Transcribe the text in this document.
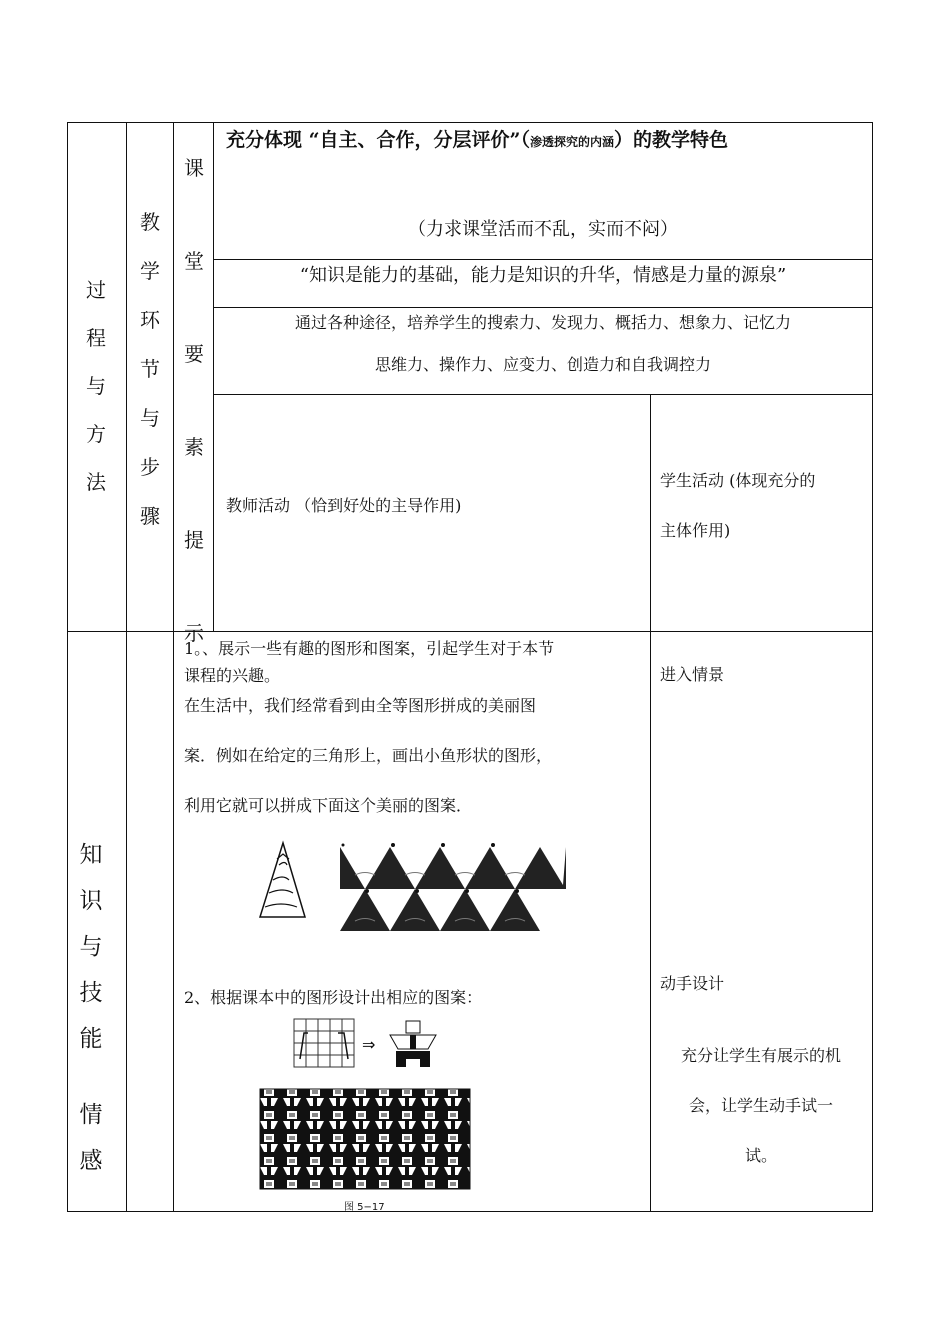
过
程
与
方
法
教
学
环
节
与
步
骤
课
堂
要
素
提
示
充分体现 “自主、合作，分层评价”（渗透探究的内涵）的教学特色
（力求课堂活而不乱，实而不闷）
“知识是能力的基础，能力是知识的升华，情感是力量的源泉”
通过各种途径，培养学生的搜索力、发现力、概括力、想象力、记忆力
思维力、操作力、应变力、创造力和自我调控力
教师活动 （恰到好处的主导作用)
学生活动 (体现充分的
主体作用)
知
识
与
技
能
情
感
1。、展示一些有趣的图形和图案，引起学生对于本节
课程的兴趣。
在生活中，我们经常看到由全等图形拼成的美丽图
案．例如在给定的三角形上，画出小鱼形状的图形，
利用它就可以拼成下面这个美丽的图案．
2、根据课本中的图形设计出相应的图案：
⇒
图 5−17
进入情景
动手设计
充分让学生有展示的机
会，让学生动手试一
试。
